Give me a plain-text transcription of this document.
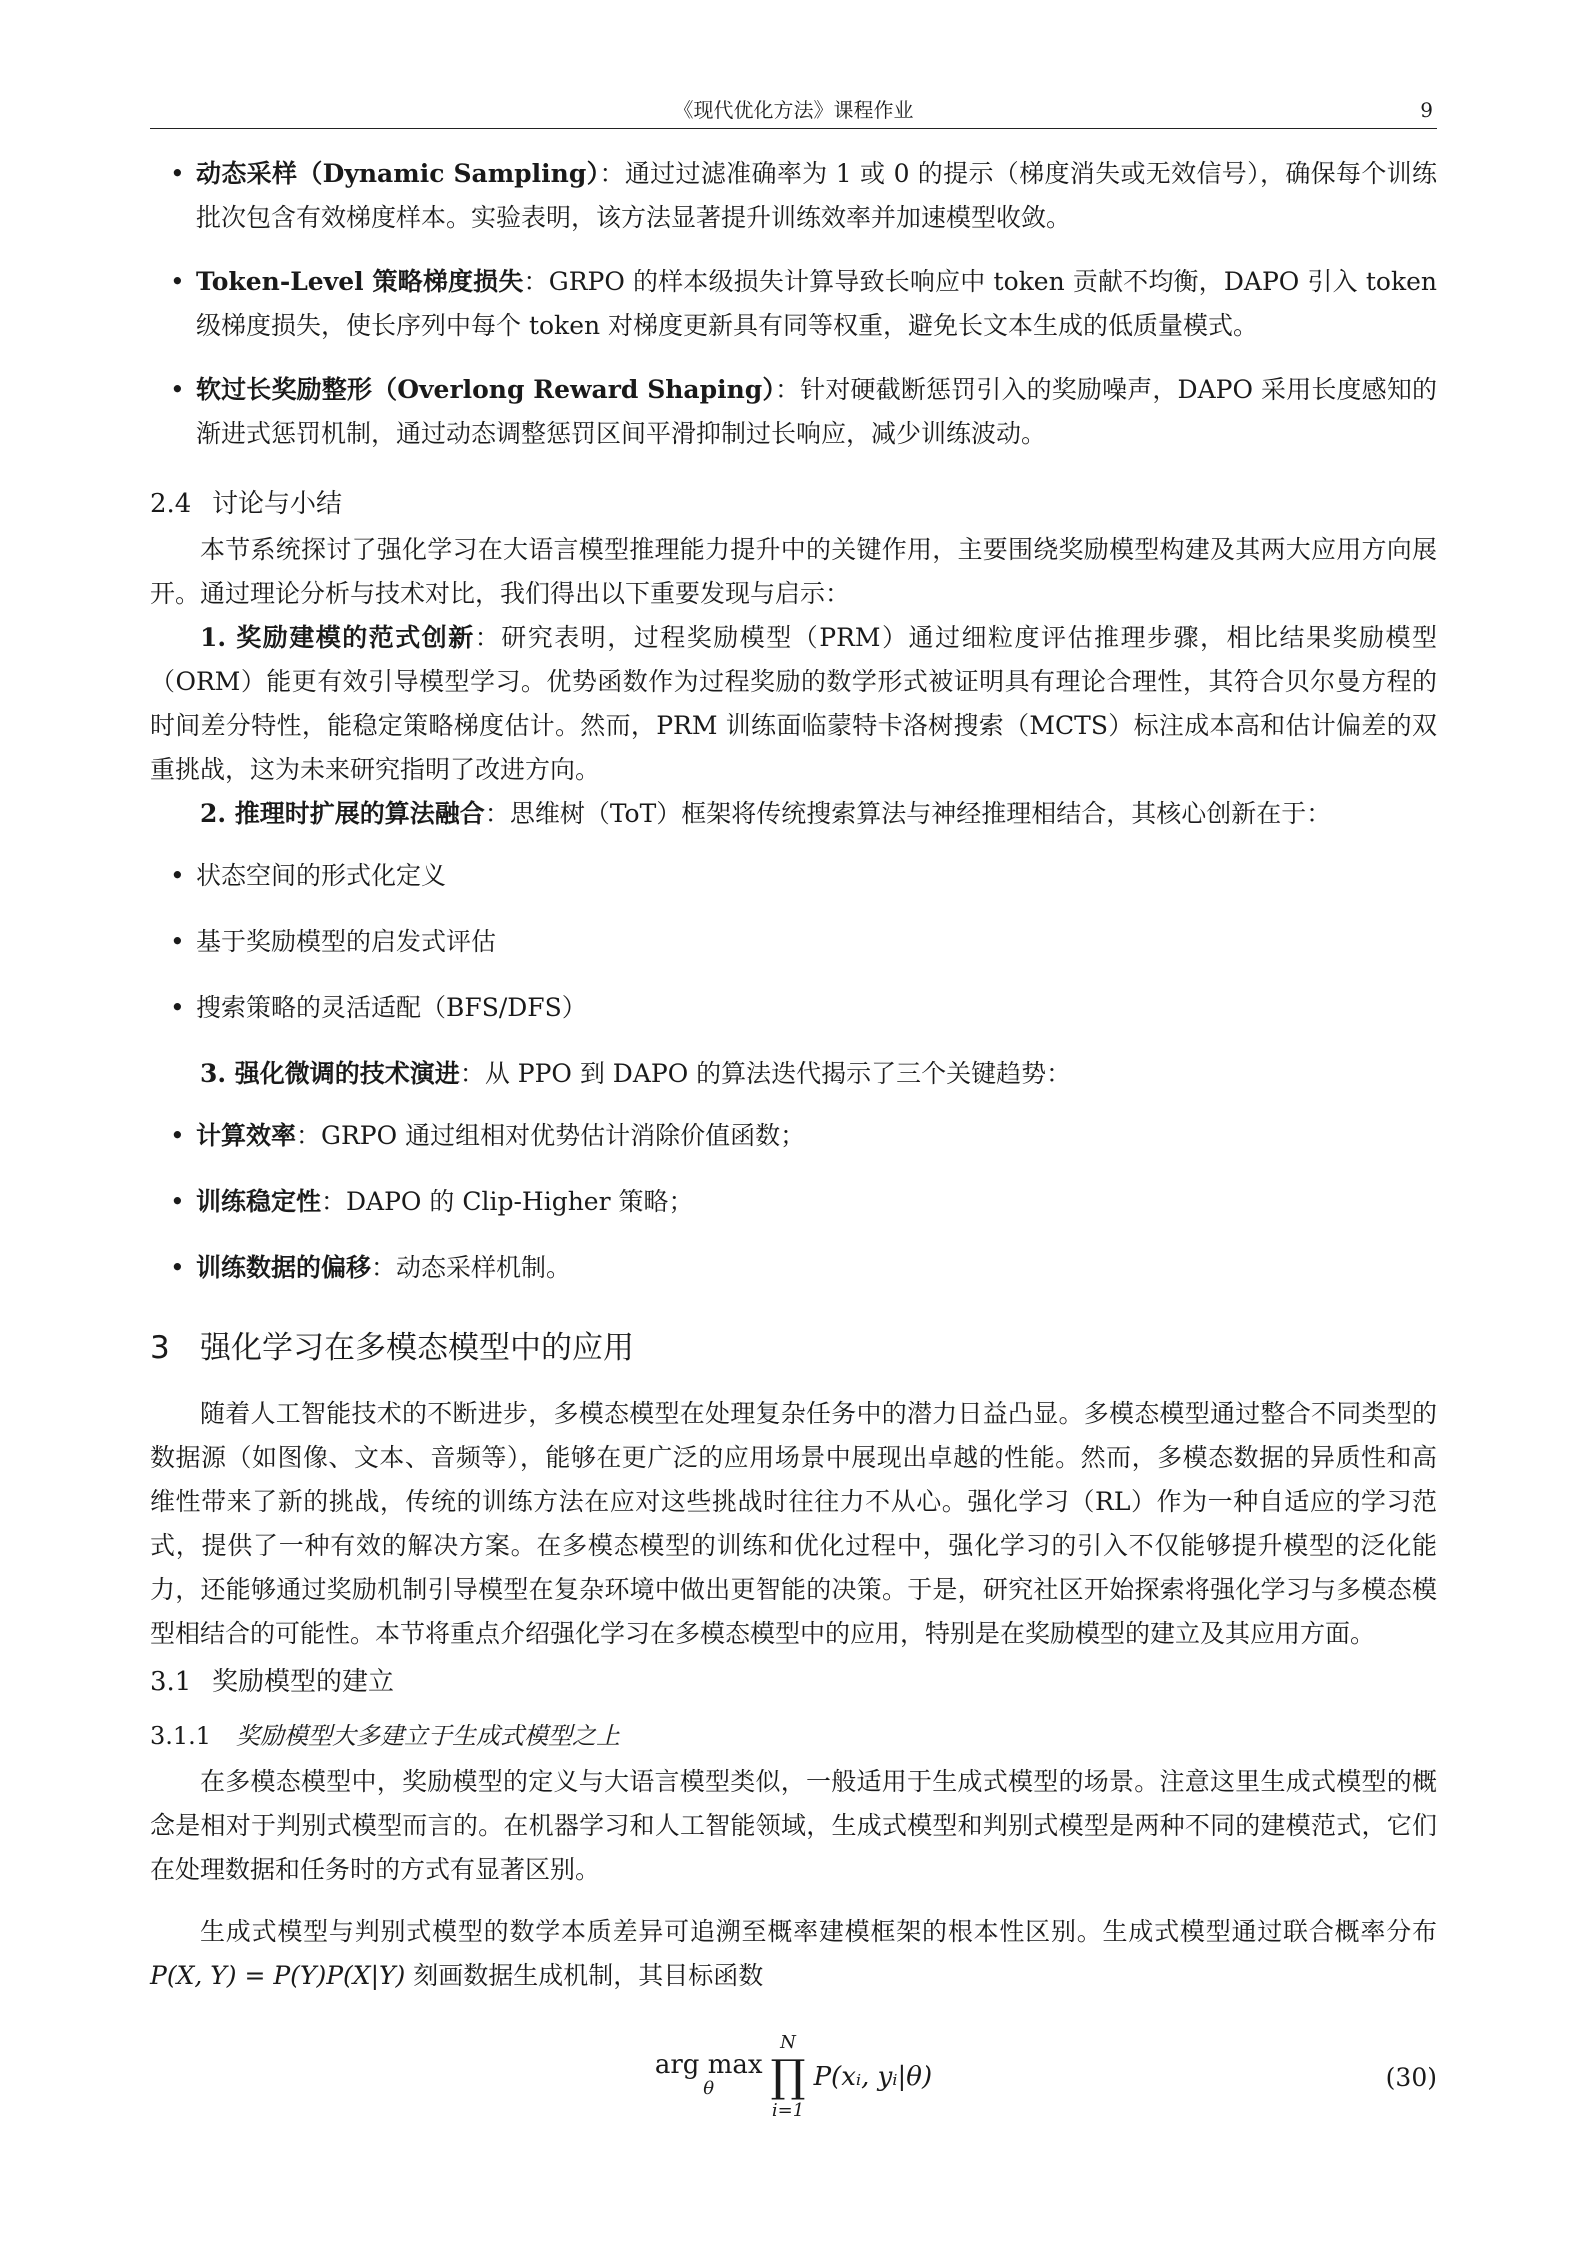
《现代优化方法》课程作业	9
• 动态采样（Dynamic Sampling）：通过过滤准确率为 1 或 0 的提示（梯度消失或无效信号），确保每个训练批次包含有效梯度样本。实验表明，该方法显著提升训练效率并加速模型收敛。
• Token-Level 策略梯度损失：GRPO 的样本级损失计算导致长响应中 token 贡献不均衡，DAPO 引入 token 级梯度损失，使长序列中每个 token 对梯度更新具有同等权重，避免长文本生成的低质量模式。
• 软过长奖励整形（Overlong Reward Shaping）：针对硬截断惩罚引入的奖励噪声，DAPO 采用长度感知的渐进式惩罚机制，通过动态调整惩罚区间平滑抑制过长响应，减少训练波动。
2.4 讨论与小结

本节系统探讨了强化学习在大语言模型推理能力提升中的关键作用，主要围绕奖励模型构建及其两大应用方向展开。通过理论分析与技术对比，我们得出以下重要发现与启示：

1. 奖励建模的范式创新：研究表明，过程奖励模型（PRM）通过细粒度评估推理步骤，相比结果奖励模型（ORM）能更有效引导模型学习。优势函数作为过程奖励的数学形式被证明具有理论合理性，其符合贝尔曼方程的时间差分特性，能稳定策略梯度估计。然而，PRM 训练面临蒙特卡洛树搜索（MCTS）标注成本高和估计偏差的双重挑战，这为未来研究指明了改进方向。

2. 推理时扩展的算法融合：思维树（ToT）框架将传统搜索算法与神经推理相结合，其核心创新在于：

• 状态空间的形式化定义
• 基于奖励模型的启发式评估
• 搜索策略的灵活适配（BFS/DFS）

3. 强化微调的技术演进：从 PPO 到 DAPO 的算法迭代揭示了三个关键趋势：

• 计算效率：GRPO 通过组相对优势估计消除价值函数；
• 训练稳定性：DAPO 的 Clip-Higher 策略；
• 训练数据的偏移：动态采样机制。
3 强化学习在多模态模型中的应用

随着人工智能技术的不断进步，多模态模型在处理复杂任务中的潜力日益凸显。多模态模型通过整合不同类型的数据源（如图像、文本、音频等），能够在更广泛的应用场景中展现出卓越的性能。然而，多模态数据的异质性和高维性带来了新的挑战，传统的训练方法在应对这些挑战时往往力不从心。强化学习（RL）作为一种自适应的学习范式，提供了一种有效的解决方案。在多模态模型的训练和优化过程中，强化学习的引入不仅能够提升模型的泛化能力，还能够通过奖励机制引导模型在复杂环境中做出更智能的决策。于是，研究社区开始探索将强化学习与多模态模型相结合的可能性。本节将重点介绍强化学习在多模态模型中的应用，特别是在奖励模型的建立及其应用方面。

3.1 奖励模型的建立
3.1.1 奖励模型大多建立于生成式模型之上

在多模态模型中，奖励模型的定义与大语言模型类似，一般适用于生成式模型的场景。注意这里生成式模型的概念是相对于判别式模型而言的。在机器学习和人工智能领域，生成式模型和判别式模型是两种不同的建模范式，它们在处理数据和任务时的方式有显著区别。

生成式模型与判别式模型的数学本质差异可追溯至概率建模框架的根本性区别。生成式模型通过联合概率分布 P(X, Y) = P(Y)P(X|Y) 刻画数据生成机制，其目标函数

arg max
θ
N
∏
i=1
P(xᵢ, yᵢ|θ)	(30)
